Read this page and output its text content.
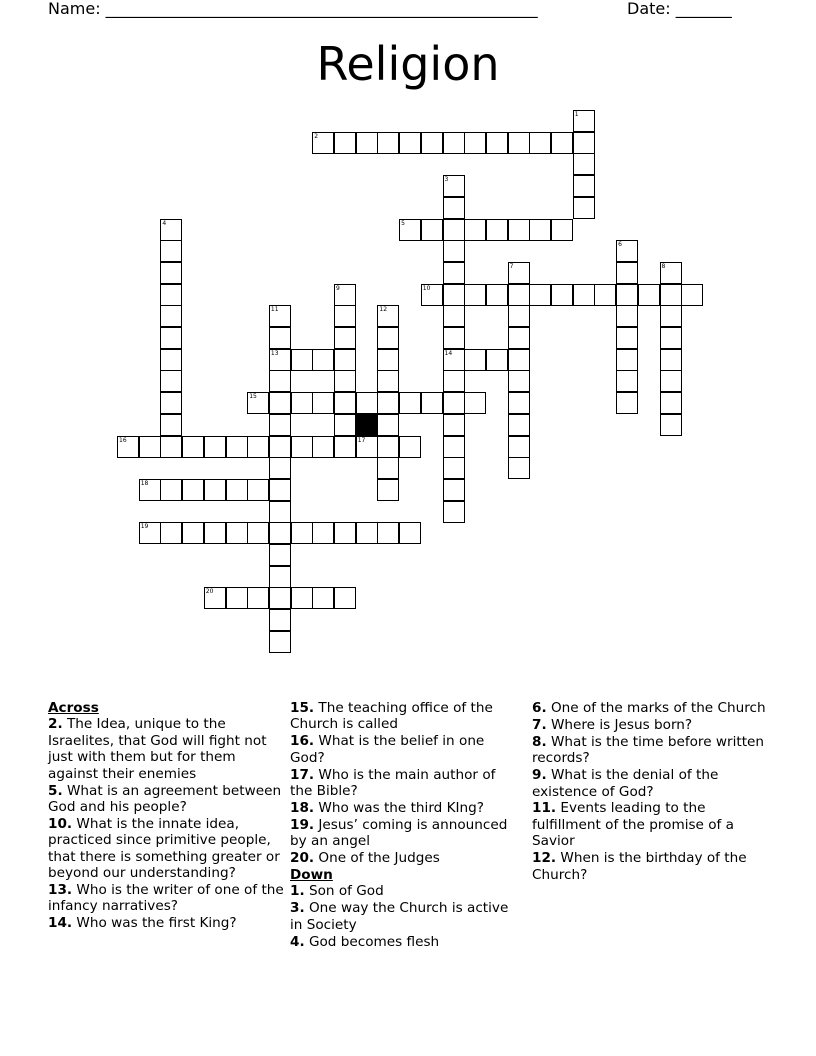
Name: ______________________________________________________	Date: _______
Religion
2
5
10
13	14
15
16	17
18
19
20
1
3
4
6
7	8
9
11	12
Across
2. The Idea, unique to the Israelites, that God will fight not just with them but for them against their enemies
5. What is an agreement between God and his people?
10. What is the innate idea, practiced since primitive people, that there is something greater or beyond our understanding?
13. Who is the writer of one of the infancy narratives?
14. Who was the first King?
15. The teaching office of the Church is called
16. What is the belief in one God?
17. Who is the main author of the Bible?
18. Who was the third KIng?
19. Jesus’ coming is announced by an angel
20. One of the Judges
Down
1. Son of God
3. One way the Church is active in Society
4. God becomes flesh
6. One of the marks of the Church
7. Where is Jesus born?
8. What is the time before written records?
9. What is the denial of the existence of God?
11. Events leading to the fulfillment of the promise of a Savior
12. When is the birthday of the Church?
